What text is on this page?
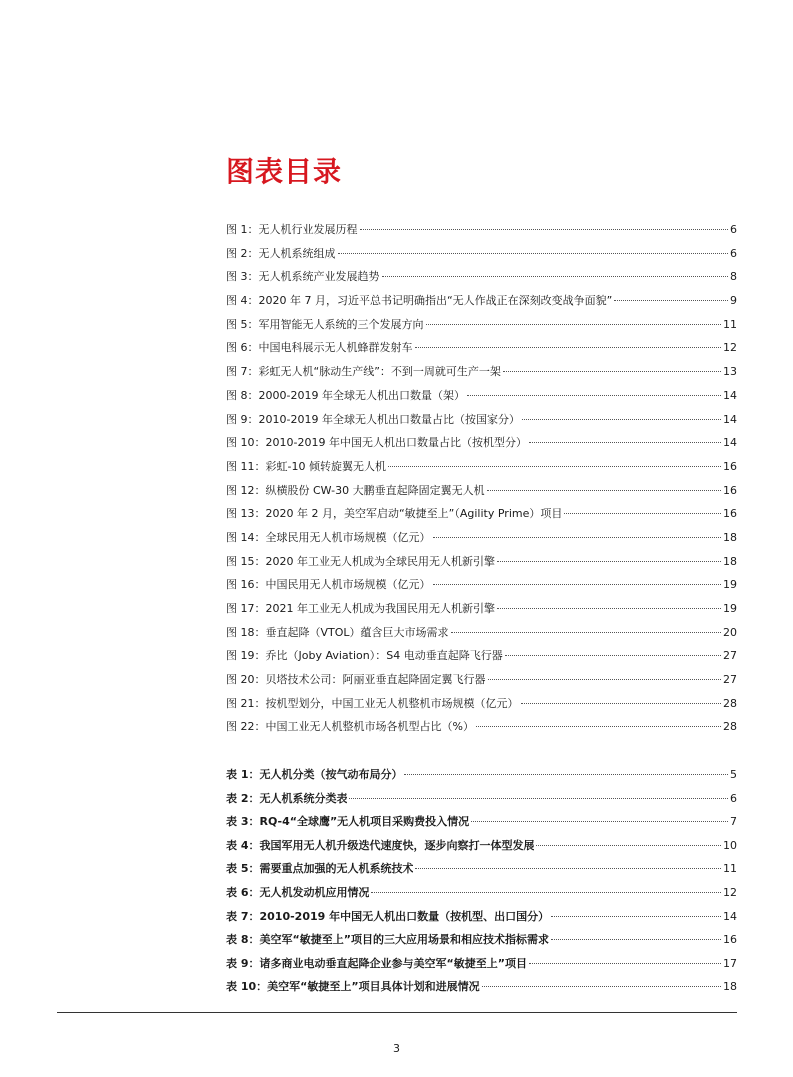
图表目录
图 1：无人机行业发展历程	6
图 2：无人机系统组成	6
图 3：无人机系统产业发展趋势	8
图 4：2020 年 7 月，习近平总书记明确指出“无人作战正在深刻改变战争面貌”	9
图 5：军用智能无人系统的三个发展方向	11
图 6：中国电科展示无人机蜂群发射车	12
图 7：彩虹无人机“脉动生产线”：不到一周就可生产一架	13
图 8：2000-2019 年全球无人机出口数量（架）	14
图 9：2010-2019 年全球无人机出口数量占比（按国家分）	14
图 10：2010-2019 年中国无人机出口数量占比（按机型分）	14
图 11：彩虹-10 倾转旋翼无人机	16
图 12：纵横股份 CW-30 大鹏垂直起降固定翼无人机	16
图 13：2020 年 2 月，美空军启动“敏捷至上”（Agility Prime）项目	16
图 14：全球民用无人机市场规模（亿元）	18
图 15：2020 年工业无人机成为全球民用无人机新引擎	18
图 16：中国民用无人机市场规模（亿元）	19
图 17：2021 年工业无人机成为我国民用无人机新引擎	19
图 18：垂直起降（VTOL）蕴含巨大市场需求	20
图 19：乔比（Joby Aviation）：S4 电动垂直起降飞行器	27
图 20：贝塔技术公司：阿丽亚垂直起降固定翼飞行器	27
图 21：按机型划分，中国工业无人机整机市场规模（亿元）	28
图 22：中国工业无人机整机市场各机型占比（%）	28
表 1：无人机分类（按气动布局分）	5
表 2：无人机系统分类表	6
表 3：RQ-4“全球鹰”无人机项目采购费投入情况	7
表 4：我国军用无人机升级迭代速度快，逐步向察打一体型发展	10
表 5：需要重点加强的无人机系统技术	11
表 6：无人机发动机应用情况	12
表 7：2010-2019 年中国无人机出口数量（按机型、出口国分）	14
表 8：美空军“敏捷至上”项目的三大应用场景和相应技术指标需求	16
表 9：诸多商业电动垂直起降企业参与美空军“敏捷至上”项目	17
表 10：美空军“敏捷至上”项目具体计划和进展情况	18
3
